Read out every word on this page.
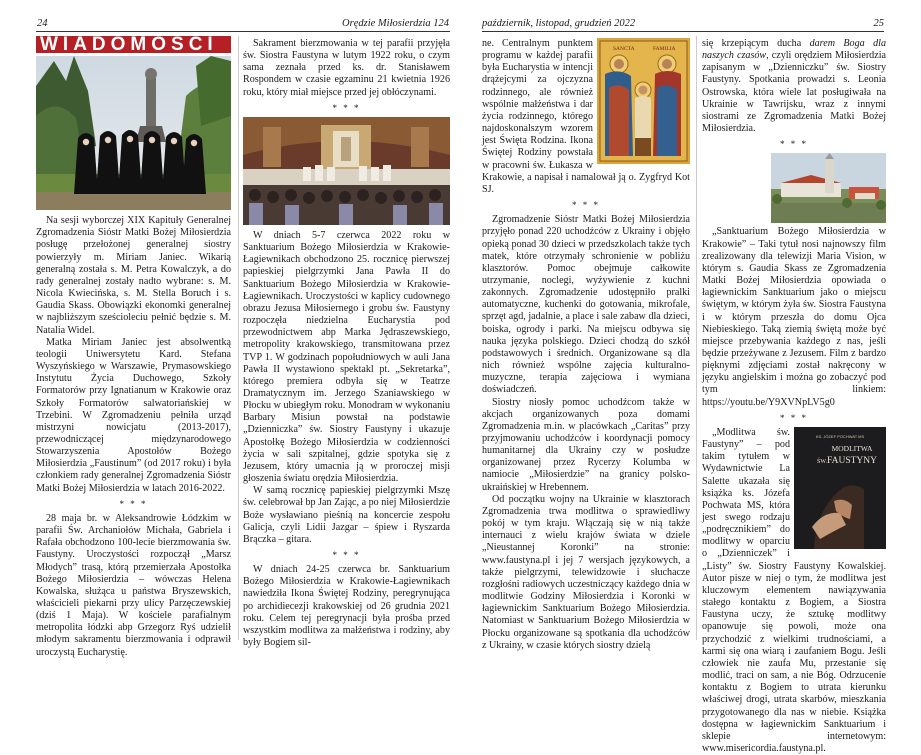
24	Orędzie Miłosierdzia 124
WIADOMOŚCI

Na sesji wyborczej XIX Kapituły Generalnej Zgromadzenia Sióstr Matki Bożej Miłosierdzia posługę przełożonej generalnej siostry powierzyły m. Miriam Janiec. Wikarią generalną została s. M. Petra Kowalczyk, a do rady generalnej zostały nadto wybrane: s. M. Nicola Kwiecińska, s. M. Stella Boruch i s. Gaudia Skass. Obowiązki ekonomki generalnej w najbliższym sześcioleciu pełnić będzie s. M. Natalia Widel.

Matka Miriam Janiec jest absolwentką teologii Uniwersytetu Kard. Stefana Wyszyńskiego w Warszawie, Prymasowskiego Instytutu Życia Duchowego, Szkoły Formatorów przy Ignatianum w Krakowie oraz Szkoły Formatorów salwatoriańskiej w Trzebini. W Zgromadzeniu pełniła urząd mistrzyni nowicjatu (2013-2017), przewodniczącej międzynarodowego Stowarzyszenia Apostołów Bożego Miłosierdzia „Faustinum” (od 2017 roku) i była członkiem rady generalnej Zgromadzenia Sióstr Matki Bożej Miłosierdzia w latach 2016-2022.

* * *

28 maja br. w Aleksandrowie Łódzkim w parafii Św. Archaniołów Michała, Gabriela i Rafała obchodzono 100-lecie bierzmowania św. Faustyny. Uroczystości rozpoczął „Marsz Młodych” trasą, którą przemierzała Apostołka Bożego Miłosierdzia – wówczas Helena Kowalska, służąca u państwa Bryszewskich, właścicieli piekarni przy ulicy Parzęczewskiej (dziś 1 Maja). W kościele parafialnym metropolita łódzki abp Grzegorz Ryś udzielił młodym sakramentu bierzmowania i odprawił uroczystą Eucharystię.

Sakrament bierzmowania w tej parafii przyjęła św. Siostra Faustyna w lutym 1922 roku, o czym sama zeznała przed ks. dr. Stanisławem Rospondem w czasie egzaminu 21 kwietnia 1926 roku, który miał miejsce przed jej obłóczynami.

* * *

W dniach 5-7 czerwca 2022 roku w Sanktuarium Bożego Miłosierdzia w Krakowie-Łagiewnikach obchodzono 25. rocznicę pierwszej papieskiej pielgrzymki Jana Pawła II do Sanktuarium Bożego Miłosierdzia w Krakowie-Łagiewnikach. Uroczystości w kaplicy cudownego obrazu Jezusa Miłosiernego i grobu św. Faustyny rozpoczęła niedzielna Eucharystia pod przewodnictwem abp Marka Jędraszewskiego, metropolity krakowskiego, transmitowana przez TVP 1. W godzinach popołudniowych w auli Jana Pawła II wystawiono spektakl pt. „Sekretarka”, którego premiera odbyła się w Teatrze Dramatycznym im. Jerzego Szaniawskiego w Płocku w ubiegłym roku. Monodram w wykonaniu Barbary Misiun powstał na podstawie „Dzienniczka” św. Siostry Faustyny i ukazuje Apostołkę Bożego Miłosierdzia w codzienności życia w sali szpitalnej, gdzie spotyka się z Jezusem, który umacnia ją w proroczej misji głoszenia światu orędzia Miłosierdzia.

W samą rocznicę papieskiej pielgrzymki Mszę św. celebrował bp Jan Zając, a po niej Miłosierdzie Boże wysławiano pieśnią na koncercie zespołu Galicja, czyli Lidii Jazgar – śpiew i Ryszarda Brączka – gitara.

* * *

W dniach 24-25 czerwca br. Sanktuarium Bożego Miłosierdzia w Krakowie-Łagiewnikach nawiedziła Ikona Świętej Rodziny, peregrynująca po archidiecezji krakowskiej od 26 grudnia 2021 roku. Celem tej peregrynacji była prośba przed wszystkim modlitwa za małżeństwa i rodziny, aby były Bogiem sil-

październik, listopad, grudzień 2022	25
SANCTA	FAMILIA

ne. Centralnym punktem programu w każdej parafii była Eucharystia w intencji drążejcymi za ojczyzna rodzinnego, ale również wspólnie małżeństwa i dar życia rodzinnego, którego najdoskonalszym wzorem jest Święta Rodzina. Ikona Świętej Rodziny powstała w pracowni św. Łukasza w Krakowie, a napisał i namalował ją o. Zygfryd Kot SJ.

* * *

Zgromadzenie Sióstr Matki Bożej Miłosierdzia przyjęło ponad 220 uchodźców z Ukrainy i objęło opieką ponad 30 dzieci w przedszkolach także tych matek, które otrzymały schronienie w pobliżu klasztorów. Pomoc obejmuje całkowite utrzymanie, noclegi, wyżywienie z kuchni zakonnych. Zgromadzenie udostępniło pralki automatyczne, kuchenki do gotowania, mikrofale, sprzęt agd, jadalnie, a place i sale zabaw dla dzieci, boiska, ogrody i parki. Na miejscu odbywa się nauka języka polskiego. Dzieci chodzą do szkół podstawowych i średnich. Organizowane są dla nich również wspólne zajęcia kulturalno-muzyczne, terapia zajęciowa i wymiana doświadczeń.

Siostry niosły pomoc uchodźcom także w akcjach organizowanych poza domami Zgromadzenia m.in. w placówkach „Caritas” przy przyjmowaniu uchodźców i koordynacji pomocy humanitarnej dla Ukrainy czy w posłudze organizowanej przez Rycerzy Kolumba w namiocie „Miłosierdzie” na granicy polsko-ukraińskiej w Hrebennem.

Od początku wojny na Ukrainie w klasztorach Zgromadzenia trwa modlitwa o sprawiedliwy pokój w tym kraju. Włączają się w nią także internauci z wielu krajów świata w dziele „Nieustannej Koronki” na stronie: www.faustyna.pl i jej 7 wersjach językowych, a także pielgrzymi, telewidzowie i słuchacze rozgłośni radiowych uczestniczący każdego dnia w modlitwie Godziny Miłosierdzia i Koronki w łagiewnickim Sanktuarium Bożego Miłosierdzia. Natomiast w Sanktuarium Bożego Miłosierdzia w Płocku organizowane są spotkania dla uchodźców z Ukrainy, w czasie których siostry dzielą

się krzepiącym ducha darem Boga dla naszych czasów, czyli orędziem Miłosierdzia zapisanym w „Dzienniczku” św. Siostry Faustyny. Spotkania prowadzi s. Leonia Ostrowska, która wiele lat posługiwała na Ukrainie w Tawrijsku, wraz z innymi siostrami ze Zgromadzenia Matki Bożej Miłosierdzia.

* * *

„Sanktuarium Bożego Miłosierdzia w Krakowie” – Taki tytuł nosi najnowszy film zrealizowany dla telewizji Maria Vision, w którym s. Gaudia Skass ze Zgromadzenia Matki Bożej Miłosierdzia opowiada o łagiewnickim Sanktuarium jako o miejscu świętym, w którym żyła św. Siostra Faustyna i w którym przeszła do domu Ojca Niebieskiego. Taką ziemią świętą może być miejsce przebywania każdego z nas, jeśli będzie przeżywane z Jezusem. Film z bardzo pięknymi zdjęciami został nakręcony w języku angielskim i można go zobaczyć pod tym linkiem: https://youtu.be/Y9XVNpLV5g0

* * *
KS. JÓZEF POCHWAT MS
MODLITWA
ŚW. FAUSTYNY

„Modlitwa św. Faustyny” – pod takim tytułem w Wydawnictwie La Salette ukazała się książka ks. Józefa Pochwata MS, która jest swego rodzaju „podręcznikiem” do modlitwy w oparciu o „Dzienniczek” i „Listy” św. Siostry Faustyny Kowalskiej. Autor pisze w niej o tym, że modlitwa jest kluczowym elementem nawiązywania stałego kontaktu z Bogiem, a Siostra Faustyna uczy, że sztukę modlitwy opanowuje się powoli, może ona przychodzić z wielkimi trudnościami, a karmi się ona wiarą i zaufaniem Bogu. Jeśli człowiek nie zaufa Mu, przestanie się modlić, traci on sam, a nie Bóg. Odrzucenie kontaktu z Bogiem to utrata kierunku właściwej drogi, utrata skarbów, mieszkania przygotowanego dla nas w niebie. Książka dostępna w łagiewnickim Sanktuarium i sklepie internetowym: www.misericordia.faustyna.pl.
